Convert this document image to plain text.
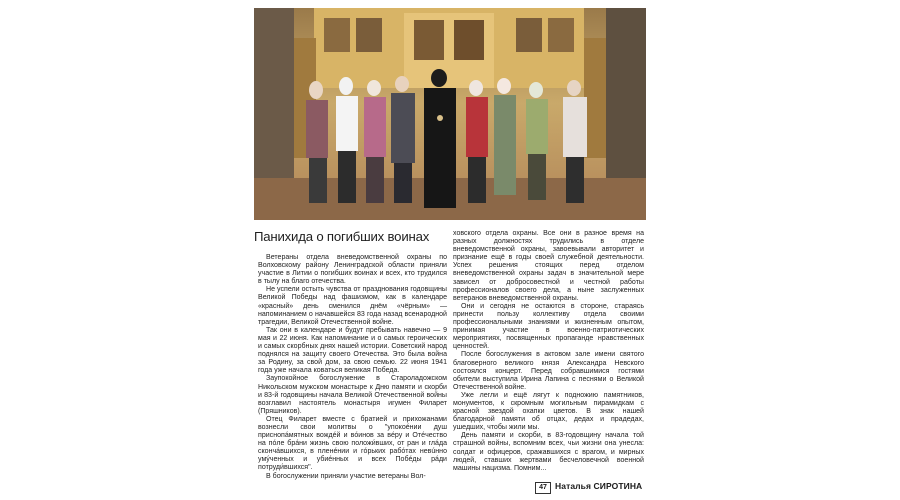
Панихида о погибших воинах

Ветераны отдела вневедомственной охраны по Волховскому району Ленинградской области приняли участие в Литии о погибших воинах и всех, кто трудился в тылу на благо отечества.

Не успели остыть чувства от празднования годовщины Великой Победы над фашизмом, как в календаре «красный» день сменился днём «чёрным» — напоминанием о начавшейся 83 года назад всенародной трагедии, Великой Отечественной войне.

Так они в календаре и будут пребывать навечно — 9 мая и 22 июня. Как напоминание и о самых героических и самых скорбных днях нашей истории. Советский народ поднялся на защиту своего Отечества. Это была война за Родину, за свой дом, за свою семью. 22 июня 1941 года уже начала коваться великая Победа.

Заупокойное богослужение в Староладожском Никольском мужском монастыре к Дню памяти и скорби и 83-й годовщины начала Великой Отечественной войны возглавил настоятель монастыря игумен Филарет (Пряшников).

Отец Филарет вместе с братией и прихожанами вознесли свои молитвы о "упокоéнии душ приснопáмятных вождéй и вóинов за вéру и Отéчество на пóле брáни жизнь свою положи́вших, от ран и глáда скончáвшихся, в пленéнии и гóрьких рабóтах невúнно умýченных и убиéнных и всех Побéды рáди потруди́вшихся".

В богослужении приняли участие ветераны Вол-

ховского отдела охраны. Все они в разное время на разных должностях трудились в отделе вневедомственной охраны, завоевывали авторитет и признание ещё в годы своей служебной деятельности. Успех решения стоящих перед отделом вневедомственной охраны задач в значительной мере зависел от добросовестной и честной работы профессионалов своего дела, а ныне заслуженных ветеранов вневедомственной охраны.

Они и сегодня не остаются в стороне, стараясь принести пользу коллективу отдела своими профессиональными знаниями и жизненным опытом, принимая участие в военно-патриотических мероприятиях, посвященных пропаганде нравственных ценностей.

После богослужения в актовом зале имени святого благоверного великого князя Александра Невского состоялся концерт. Перед собравшимися гостями обители выступила Ирина Лапина с песнями о Великой Отечественной войне.

Уже легли и ещё лягут к подножию памятников, монументов, к скромным могильным пирамидкам с красной звездой охапки цветов. В знак нашей благодарной памяти об отцах, дедах и прадедах, ушедших, чтобы жили мы.

День памяти и скорби, в 83-годовщину начала той страшной войны, вспомним всех, чьи жизни она унесла: солдат и офицеров, сражавшихся с врагом, и мирных людей, ставших жертвами бесчеловечной военной машины нацизма. Помним...

47 Наталья СИРОТИНА
